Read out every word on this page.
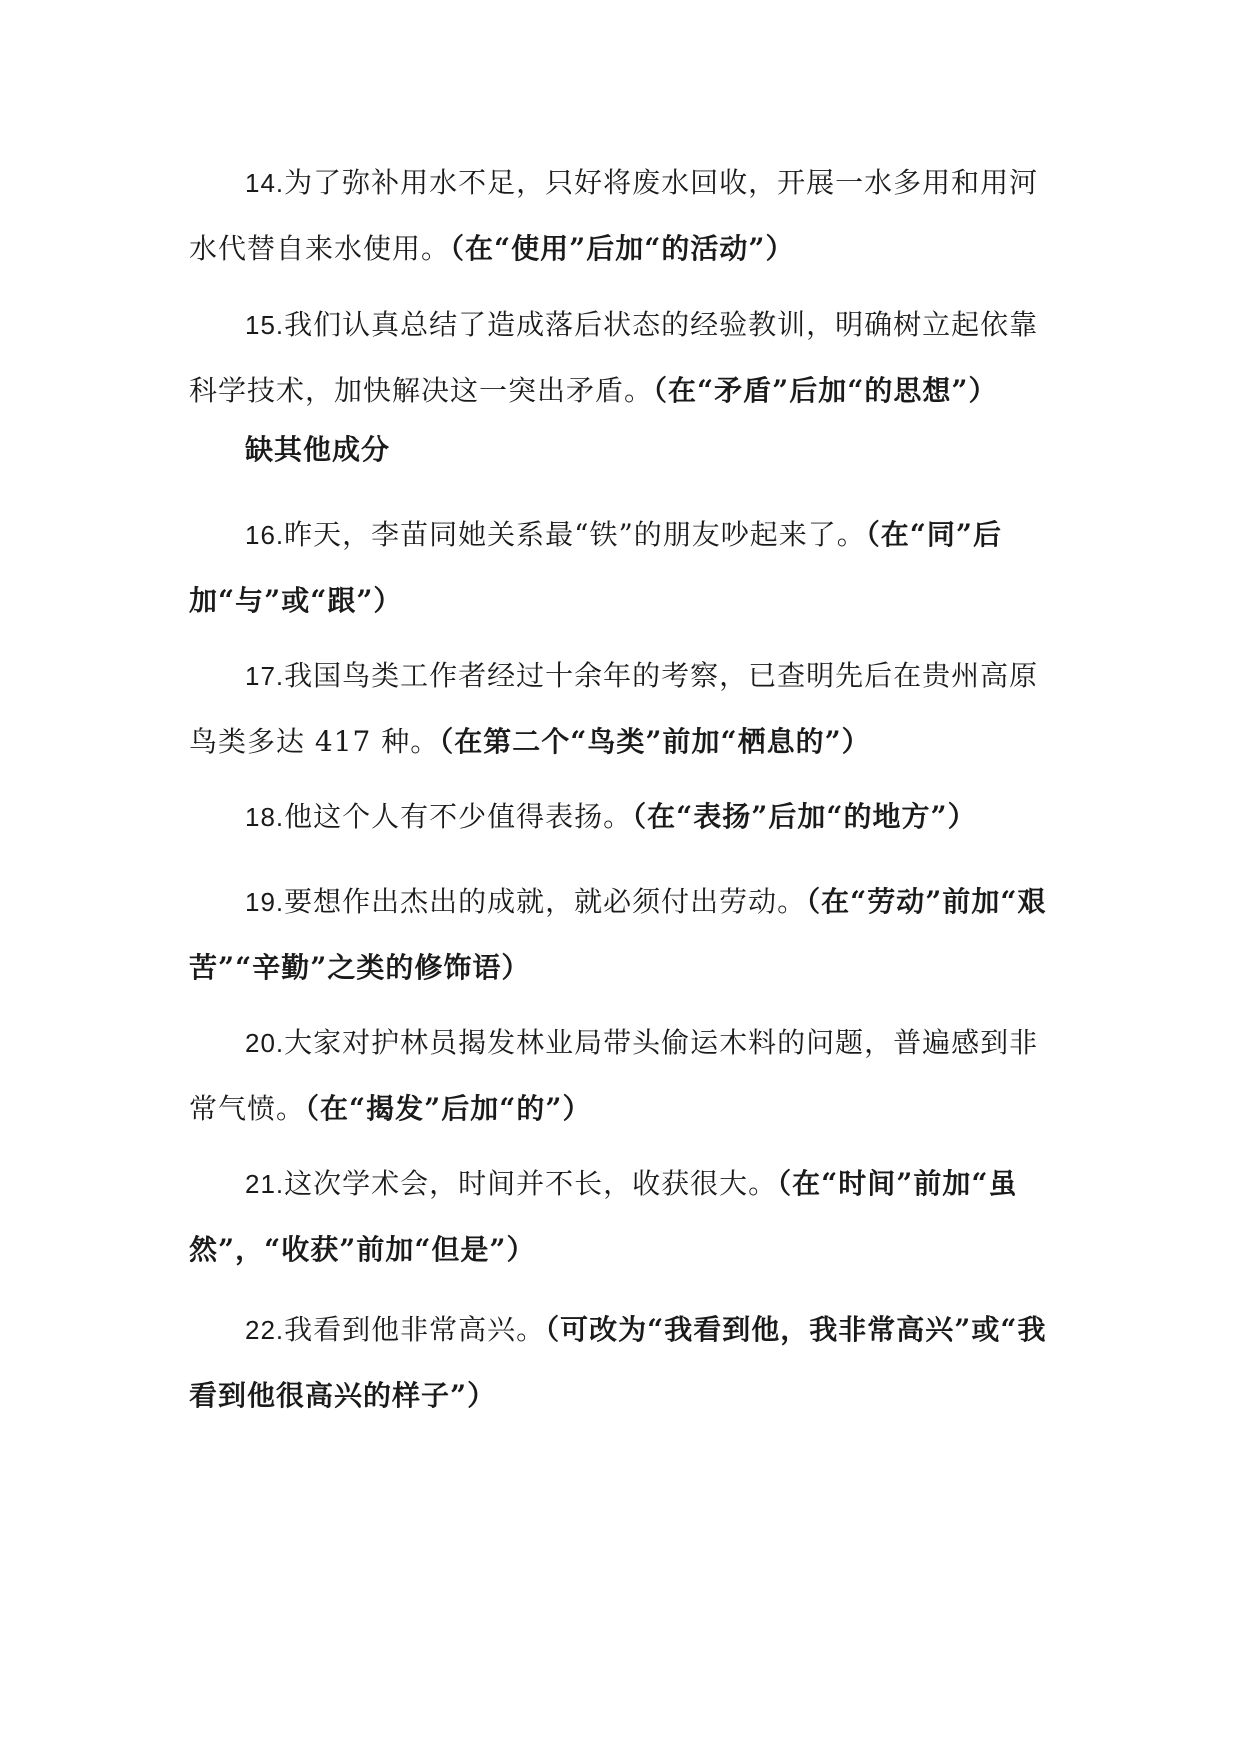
14.为了弥补用水不足，只好将废水回收，开展一水多用和用河水代替自来水使用。（在“使用”后加“的活动”）

15.我们认真总结了造成落后状态的经验教训，明确树立起依靠科学技术，加快解决这一突出矛盾。（在“矛盾”后加“的思想”）

缺其他成分

16.昨天，李苗同她关系最“铁”的朋友吵起来了。（在“同”后加“与”或“跟”）

17.我国鸟类工作者经过十余年的考察，已查明先后在贵州高原鸟类多达 417 种。（在第二个“鸟类”前加“栖息的”）

18.他这个人有不少值得表扬。（在“表扬”后加“的地方”）

19.要想作出杰出的成就，就必须付出劳动。（在“劳动”前加“艰苦”“辛勤”之类的修饰语）

20.大家对护林员揭发林业局带头偷运木料的问题，普遍感到非常气愤。（在“揭发”后加“的”）

21.这次学术会，时间并不长，收获很大。（在“时间”前加“虽然”，“收获”前加“但是”）

22.我看到他非常高兴。（可改为“我看到他，我非常高兴”或“我看到他很高兴的样子”）
